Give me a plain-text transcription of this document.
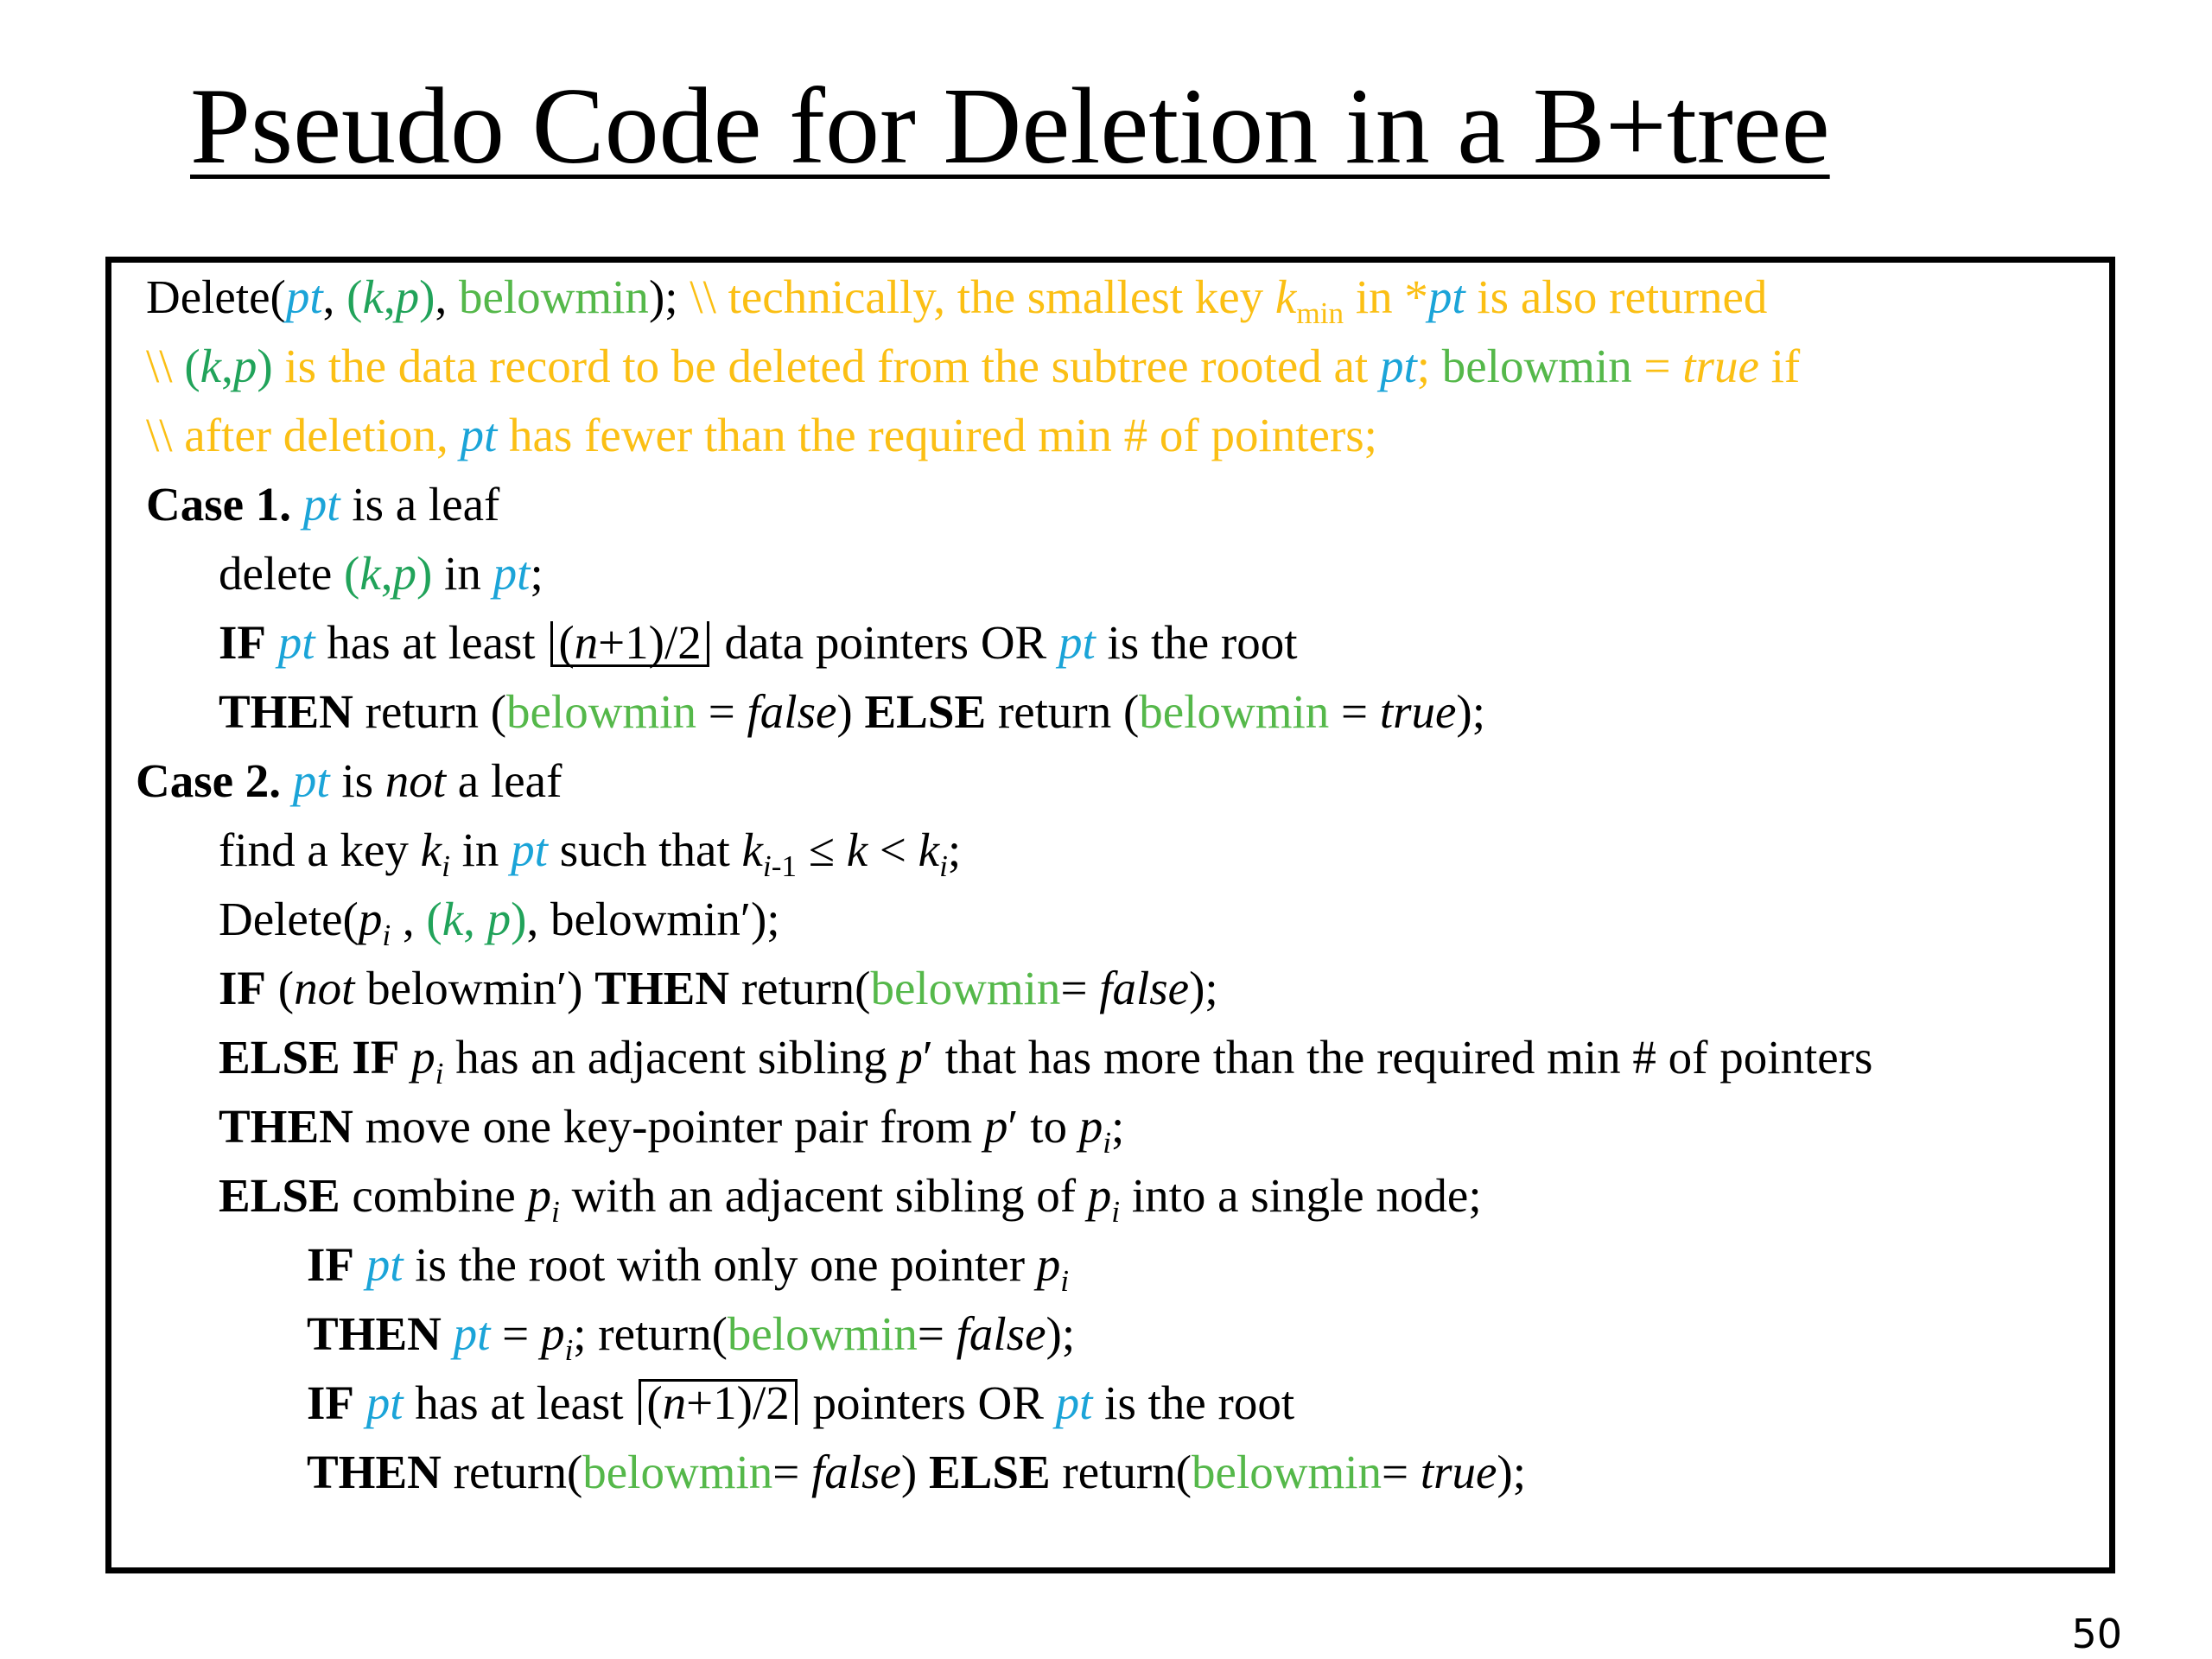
Pseudo Code for Deletion in a B+tree
Delete(pt, (k,p), belowmin); \\ technically, the smallest key $k_{min}$ in *pt is also returned
\\ (k,p) is the data record to be deleted from the subtree rooted at pt; belowmin = true if
\\ after deletion, pt has fewer than the required min # of pointers;
Case 1. pt is a leaf
delete (k,p) in pt;
IF pt has at least (n+1)/2 data pointers OR pt is the root
THEN return (belowmin = false) ELSE return (belowmin = true);
Case 2. pt is not a leaf
find a key $k_i$ in pt such that $k_{i-1} \le k < k_i$;
$Delete(p_i$ , (k, p), belowmin′);
IF (not belowmin′) THEN return(belowmin= false);
ELSE IF $p_i$ has an adjacent sibling p′ that has more than the required min # of pointers
THEN move one key-pointer pair from p′ to $p_i$;
ELSE combine $p_i$ with an adjacent sibling of $p_i$ into a single node;
IF pt is the root with only one pointer $p_i$
THEN pt = $p_i$; return(belowmin= false);
IF pt has at least (n+1)/2 pointers OR pt is the root
THEN return(belowmin= false) ELSE return(belowmin= true);
50
